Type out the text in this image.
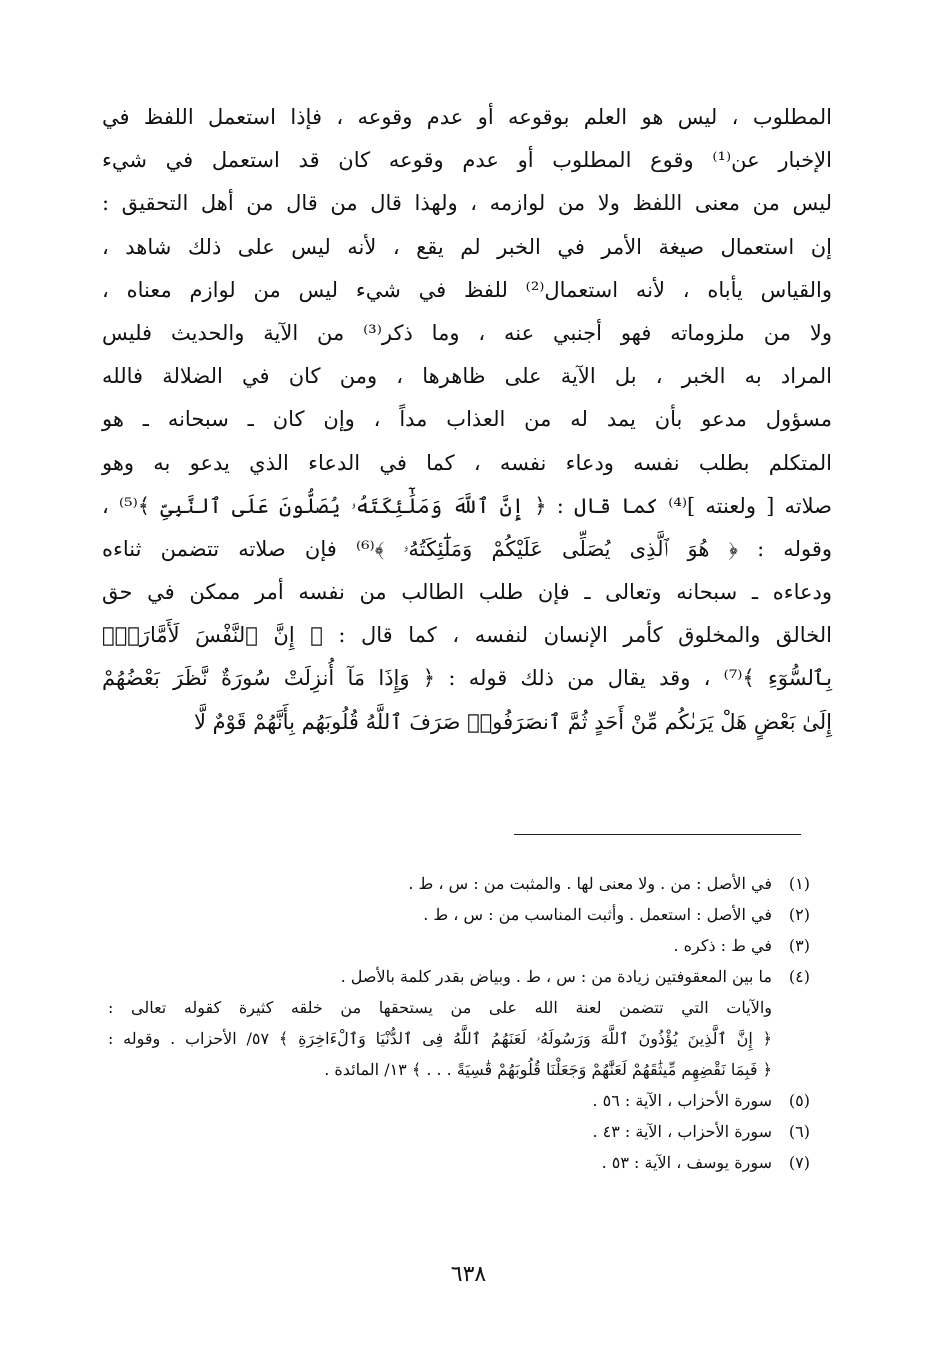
المطلوب ، ليس هو العلم بوقوعه أو عدم وقوعه ، فإذا استعمل اللفظ في
الإخبار عن⁽¹⁾ وقوع المطلوب أو عدم وقوعه كان قد استعمل في شيء
ليس من معنى اللفظ ولا من لوازمه ، ولهذا قال من قال من أهل التحقيق :
إن استعمال صيغة الأمر في الخبر لم يقع ، لأنه ليس على ذلك شاهد ،
والقياس يأباه ، لأنه استعمال⁽²⁾ للفظ في شيء ليس من لوازم معناه ،
ولا من ملزوماته فهو أجنبي عنه ، وما ذكر⁽³⁾ من الآية والحديث فليس
المراد به الخبر ، بل الآية على ظاهرها ، ومن كان في الضلالة فالله
مسؤول مدعو بأن يمد له من العذاب مداً ، وإن كان ـ سبحانه ـ هو
المتكلم بطلب نفسه ودعاء نفسه ، كما في الدعاء الذي يدعو به وهو
صلاته [ ولعنته ]⁽⁴⁾ كما قال : ﴿ إِنَّ ٱللَّهَ وَمَلَٰٓئِكَتَهُۥ يُصَلُّونَ عَلَى ٱلنَّبِىِّ ﴾⁽⁵⁾ ،
وقوله : ﴿ هُوَ ٱلَّذِى يُصَلِّى عَلَيْكُمْ وَمَلَٰٓئِكَتُهُۥ ﴾⁽⁶⁾ فإن صلاته تتضمن ثناءه
ودعاءه ـ سبحانه وتعالى ـ فإن طلب الطالب من نفسه أمر ممكن في حق
الخالق والمخلوق كأمر الإنسان لنفسه ، كما قال : ﴿ إِنَّ ٱلنَّفْسَ لَأَمَّارَةٌۢ
بِٱلسُّوٓءِ ﴾⁽⁷⁾ ، وقد يقال من ذلك قوله : ﴿ وَإِذَا مَآ أُنزِلَتْ سُورَةٌ نَّظَرَ بَعْضُهُمْ
إِلَىٰ بَعْضٍ هَلْ يَرَىٰكُم مِّنْ أَحَدٍ ثُمَّ ٱنصَرَفُوا۟ صَرَفَ ٱللَّهُ قُلُوبَهُم بِأَنَّهُمْ قَوْمٌ لَّا
(١)
في الأصل : من . ولا معنى لها . والمثبت من : س ، ط .
(٢)
في الأصل : استعمل . وأثبت المناسب من : س ، ط .
(٣)
في ط : ذكره .
(٤)
ما بين المعقوفتين زيادة من : س ، ط . وبياض بقدر كلمة بالأصل .
والآيات التي تتضمن لعنة الله على من يستحقها من خلقه كثيرة كقوله تعالى :
﴿ إِنَّ ٱلَّذِينَ يُؤْذُونَ ٱللَّهَ وَرَسُولَهُۥ لَعَنَهُمُ ٱللَّهُ فِى ٱلدُّنْيَا وَٱلْءَاخِرَةِ ﴾ ٥٧/ الأحزاب . وقوله :
﴿ فَبِمَا نَقْضِهِم مِّيثَٰقَهُمْ لَعَنَّٰهُمْ وَجَعَلْنَا قُلُوبَهُمْ قَٰسِيَةً . . . ﴾ ١٣/ المائدة .
(٥)
سورة الأحزاب ، الآية : ٥٦ .
(٦)
سورة الأحزاب ، الآية : ٤٣ .
(٧)
سورة يوسف ، الآية : ٥٣ .
٦٣٨
